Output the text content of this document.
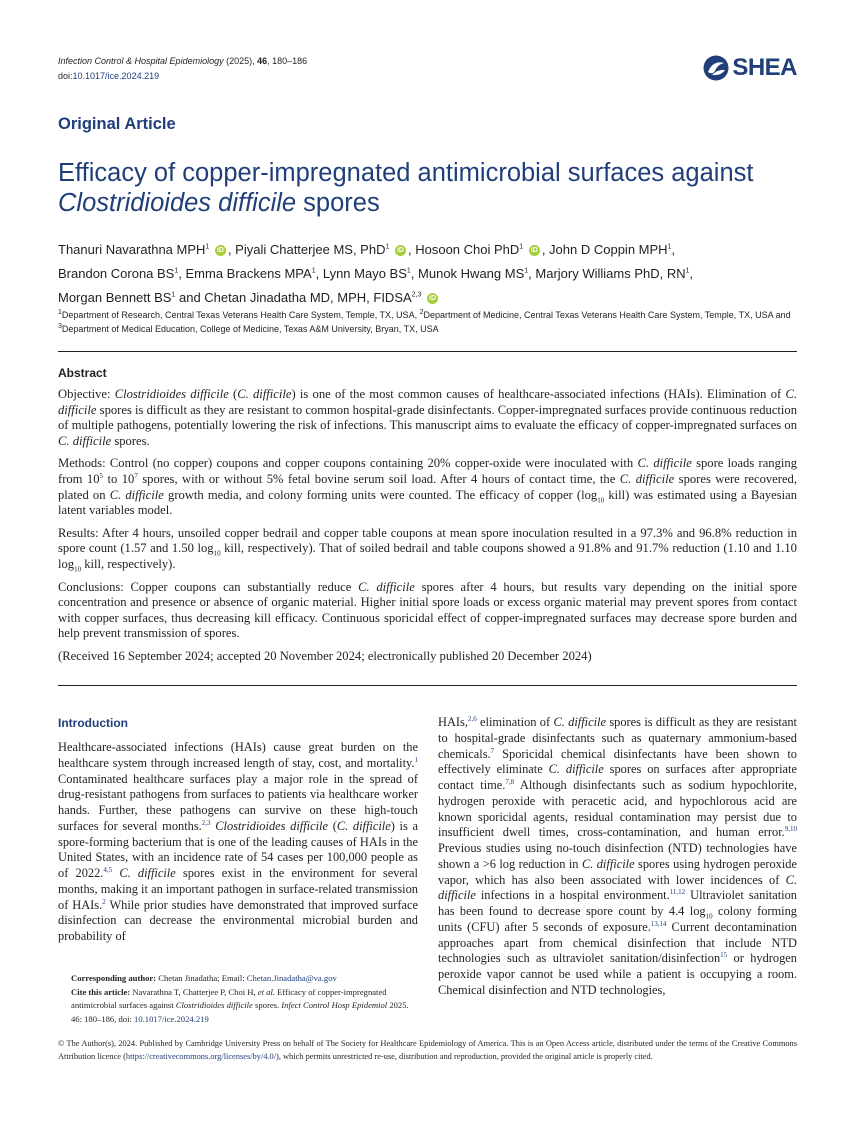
Infection Control & Hospital Epidemiology (2025), 46, 180–186
doi:10.1017/ice.2024.219	SHEA
Original Article
Efficacy of copper-impregnated antimicrobial surfaces against
Clostridioides difficile spores
Thanuri Navarathna MPH$^1$ iD , Piyali Chatterjee MS, PhD$^1$ iD , Hosoon Choi PhD$^1$ iD , John D Coppin MPH$^1$,
Brandon Corona $BS^1$, Emma Brackens MPA$^1$, Lynn Mayo $BS^1$, Munok Hwang $MS^1$, Marjory Williams PhD, $RN^1$,
Morgan Bennett $BS^1$ and Chetan Jinadatha MD, MPH, FIDSA$^{2,3}$ iD
$^1$Department of Research, Central Texas Veterans Health Care System, Temple, TX, USA, $^2$Department of Medicine, Central Texas Veterans Health Care System, Temple, TX, USA and $^3$Department of Medical Education, College of Medicine, Texas A&M University, Bryan, TX, USA
Abstract

Objective: Clostridioides difficile (C. difficile) is one of the most common causes of healthcare-associated infections (HAIs). Elimination of C. difficile spores is difficult as they are resistant to common hospital-grade disinfectants. Copper-impregnated surfaces provide continuous reduction of multiple pathogens, potentially lowering the risk of infections. This manuscript aims to evaluate the efficacy of copper-impregnated surfaces on C. difficile spores.

Methods: Control (no copper) coupons and copper coupons containing 20% copper-oxide were inoculated with C. difficile spore loads ranging from $10^5$ to $10^7$ spores, with or without 5% fetal bovine serum soil load. After 4 hours of contact time, the C. difficile spores were recovered, plated on C. difficile growth media, and colony forming units were counted. The efficacy of copper ($\log_{10}$ kill) was estimated using a Bayesian latent variables model.

Results: After 4 hours, unsoiled copper bedrail and copper table coupons at mean spore inoculation resulted in a 97.3% and 96.8% reduction in spore count (1.57 and 1.50 $\log_{10}$ kill, respectively). That of soiled bedrail and table coupons showed a 91.8% and 91.7% reduction (1.10 and 1.10 $\log_{10}$ kill, respectively).

Conclusions: Copper coupons can substantially reduce C. difficile spores after 4 hours, but results vary depending on the initial spore concentration and presence or absence of organic material. Higher initial spore loads or excess organic material may prevent spores from contact with copper surfaces, thus decreasing kill efficacy. Continuous sporicidal effect of copper-impregnated surfaces may decrease spore burden and help prevent transmission of spores.

(Received 16 September 2024; accepted 20 November 2024; electronically published 20 December 2024)

Introduction
Healthcare-associated infections (HAIs) cause great burden on the healthcare system through increased length of stay, cost, and mortality.$^1$ Contaminated healthcare surfaces play a major role in the spread of drug-resistant pathogens from surfaces to patients via healthcare worker hands. Further, these pathogens can survive on these high-touch surfaces for several months.$^{2,3}$ Clostridioides difficile (C. difficile) is a spore-forming bacterium that is one of the leading causes of HAIs in the United States, with an incidence rate of 54 cases per 100,000 people as of 2022.$^{4,5}$ C. difficile spores exist in the environment for several months, making it an important pathogen in surface-related transmission of HAIs.$^2$ While prior studies have demonstrated that improved surface disinfection can decrease the environmental microbial burden and probability of
HAIs,$^{2,6}$ elimination of C. difficile spores is difficult as they are resistant to hospital-grade disinfectants such as quaternary ammonium-based chemicals.$^7$ Sporicidal chemical disinfectants have been shown to effectively eliminate C. difficile spores on surfaces after appropriate contact time.$^{7,8}$ Although disinfectants such as sodium hypochlorite, hydrogen peroxide with peracetic acid, and hypochlorous acid are known sporicidal agents, residual contamination may persist due to insufficient dwell times, cross-contamination, and human error.$^{9,10}$ Previous studies using no-touch disinfection (NTD) technologies have shown a >6 log reduction in C. difficile spores using hydrogen peroxide vapor, which has also been associated with lower incidences of C. difficile infections in a hospital environment.$^{11,12}$ Ultraviolet sanitation has been found to decrease spore count by 4.4 $\log_{10}$ colony forming units (CFU) after 5 seconds of exposure.$^{13,14}$ Current decontamination approaches apart from chemical disinfection that include NTD technologies such as ultraviolet sanitation/disinfection$^{15}$ or hydrogen peroxide vapor cannot be used while a patient is occupying a room. Chemical disinfection and NTD technologies,
Corresponding author: Chetan Jinadatha; Email: Chetan.Jinadatha@va.gov
Cite this article: Navarathna T, Chatterjee P, Choi H, et al. Efficacy of copper-impregnated antimicrobial surfaces against Clostridioides difficile spores. Infect Control Hosp Epidemiol 2025. 46: 180–186, doi: 10.1017/ice.2024.219
© The Author(s), 2024. Published by Cambridge University Press on behalf of The Society for Healthcare Epidemiology of America. This is an Open Access article, distributed under the terms of the Creative Commons Attribution licence (https://creativecommons.org/licenses/by/4.0/), which permits unrestricted re-use, distribution and reproduction, provided the original article is properly cited.
